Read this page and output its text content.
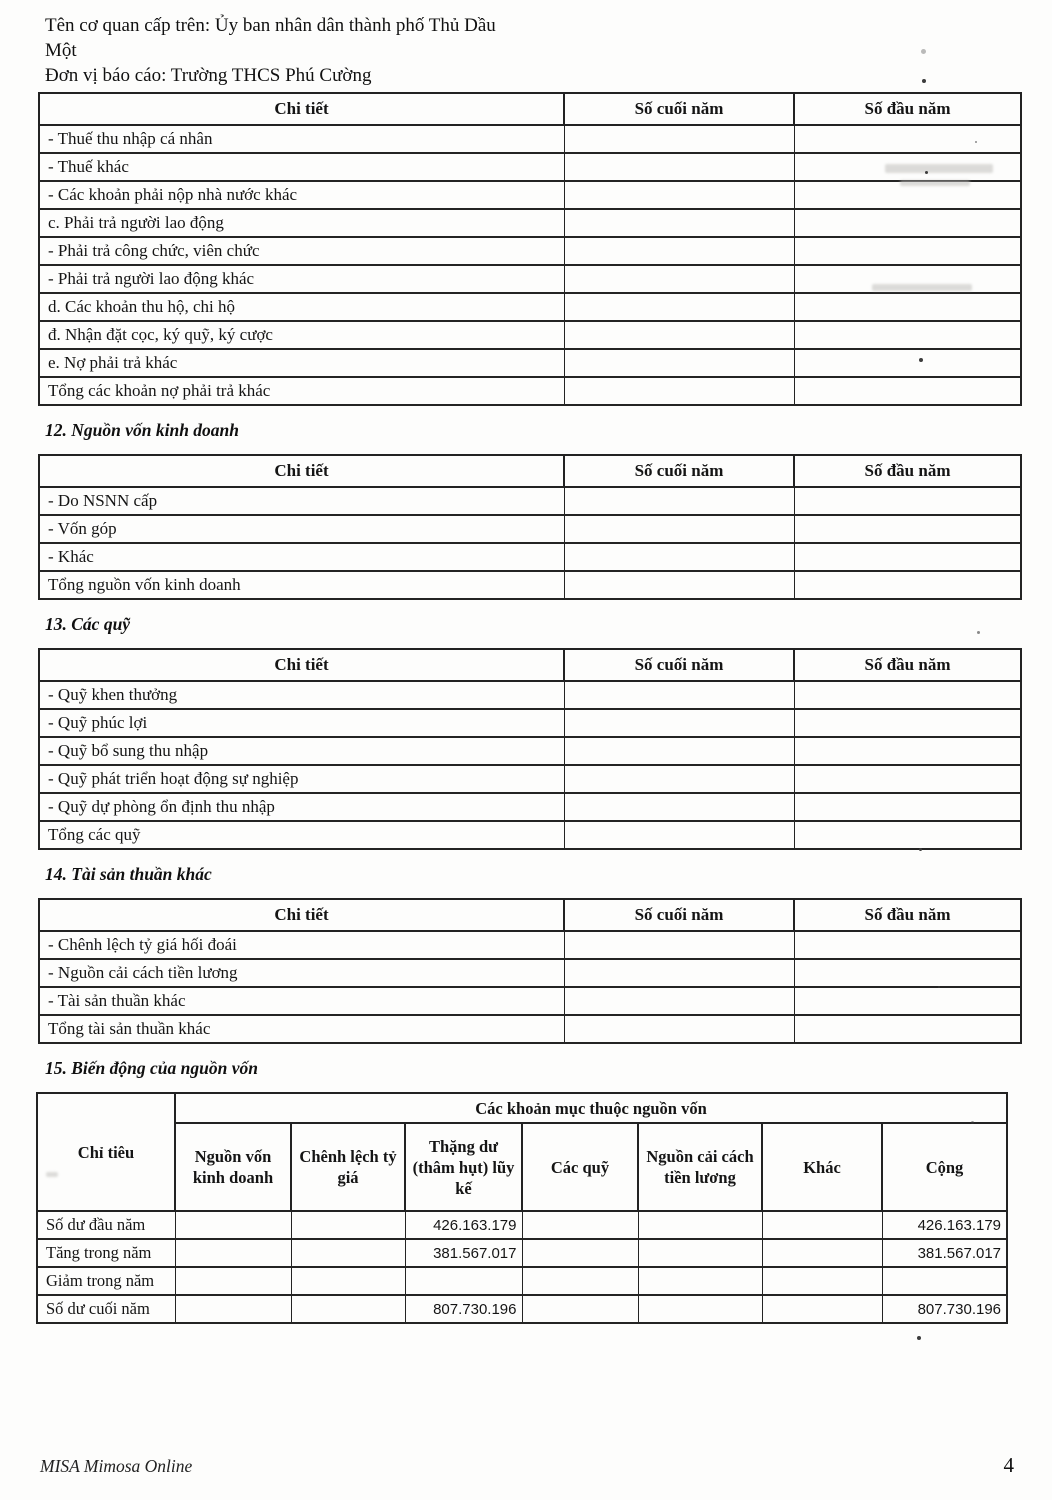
Tên cơ quan cấp trên: Ủy ban nhân dân thành phố Thủ Dầu
Một
Đơn vị báo cáo: Trường THCS Phú Cường
Chi tiết	Số cuối năm	Số đầu năm
- Thuế thu nhập cá nhân		
- Thuế khác		
- Các khoản phải nộp nhà nước khác		
c. Phải trả người lao động		
- Phải trả công chức, viên chức		
- Phải trả người lao động khác		
d. Các khoản thu hộ, chi hộ		
đ. Nhận đặt cọc, ký quỹ, ký cược		
e. Nợ phải trả khác		
Tổng các khoản nợ phải trả khác		
12. Nguồn vốn kinh doanh
Chi tiết	Số cuối năm	Số đầu năm
- Do NSNN cấp		
- Vốn góp		
- Khác		
Tổng nguồn vốn kinh doanh		
13. Các quỹ
Chi tiết	Số cuối năm	Số đầu năm
- Quỹ khen thưởng		
- Quỹ phúc lợi		
- Quỹ bổ sung thu nhập		
- Quỹ phát triển hoạt động sự nghiệp		
- Quỹ dự phòng ổn định thu nhập		
Tổng các quỹ		
14. Tài sản thuần khác
Chi tiết	Số cuối năm	Số đầu năm
- Chênh lệch tỷ giá hối đoái		
- Nguồn cải cách tiền lương		
- Tài sản thuần khác		
Tổng tài sản thuần khác		
15. Biến động của nguồn vốn
Chỉ tiêu	Các khoản mục thuộc nguồn vốn						
	Nguồn vốn kinh doanh	Chênh lệch tỷ giá	Thặng dư (thâm hụt) lũy kế	Các quỹ	Nguồn cải cách tiền lương	Khác	Cộng
Số dư đầu năm			426.163.179				426.163.179
Tăng trong năm			381.567.017				381.567.017
Giảm trong năm							
Số dư cuối năm			807.730.196				807.730.196
MISA Mimosa Online	4
